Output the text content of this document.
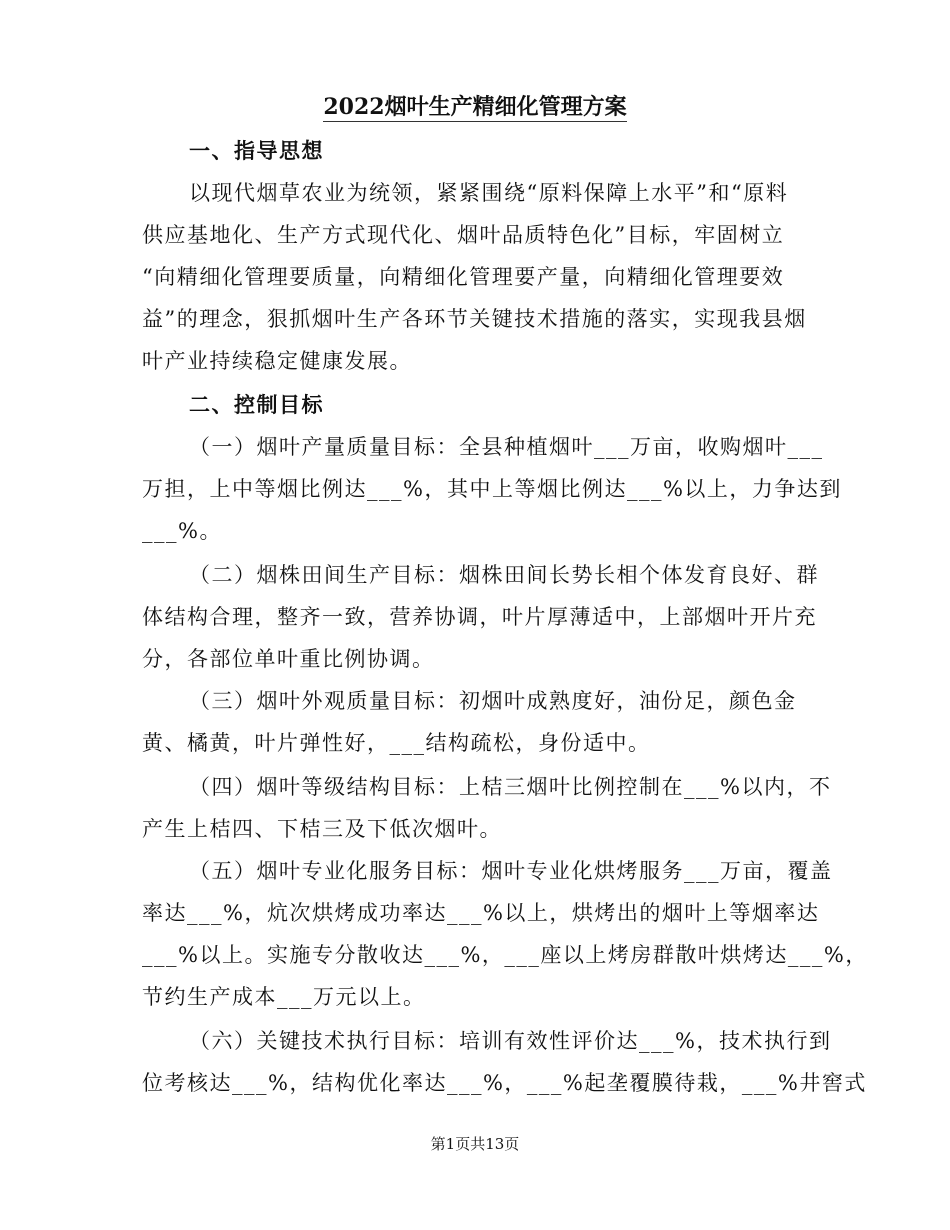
2022烟叶生产精细化管理方案
一、指导思想
以现代烟草农业为统领，紧紧围绕“原料保障上水平”和“原料
供应基地化、生产方式现代化、烟叶品质特色化”目标，牢固树立
“向精细化管理要质量，向精细化管理要产量，向精细化管理要效
益”的理念，狠抓烟叶生产各环节关键技术措施的落实，实现我县烟
叶产业持续稳定健康发展。
二、控制目标
（一）烟叶产量质量目标：全县种植烟叶___万亩，收购烟叶___
万担，上中等烟比例达___%，其中上等烟比例达___%以上，力争达到
___%。
（二）烟株田间生产目标：烟株田间长势长相个体发育良好、群
体结构合理，整齐一致，营养协调，叶片厚薄适中，上部烟叶开片充
分，各部位单叶重比例协调。
（三）烟叶外观质量目标：初烟叶成熟度好，油份足，颜色金
黄、橘黄，叶片弹性好，___结构疏松，身份适中。
（四）烟叶等级结构目标：上桔三烟叶比例控制在___%以内，不
产生上桔四、下桔三及下低次烟叶。
（五）烟叶专业化服务目标：烟叶专业化烘烤服务___万亩，覆盖
率达___%，炕次烘烤成功率达___%以上，烘烤出的烟叶上等烟率达
___%以上。实施专分散收达___%，___座以上烤房群散叶烘烤达___%，
节约生产成本___万元以上。
（六）关键技术执行目标：培训有效性评价达___%，技术执行到
位考核达___%，结构优化率达___%，___%起垄覆膜待栽，___%井窖式
第1页共13页
